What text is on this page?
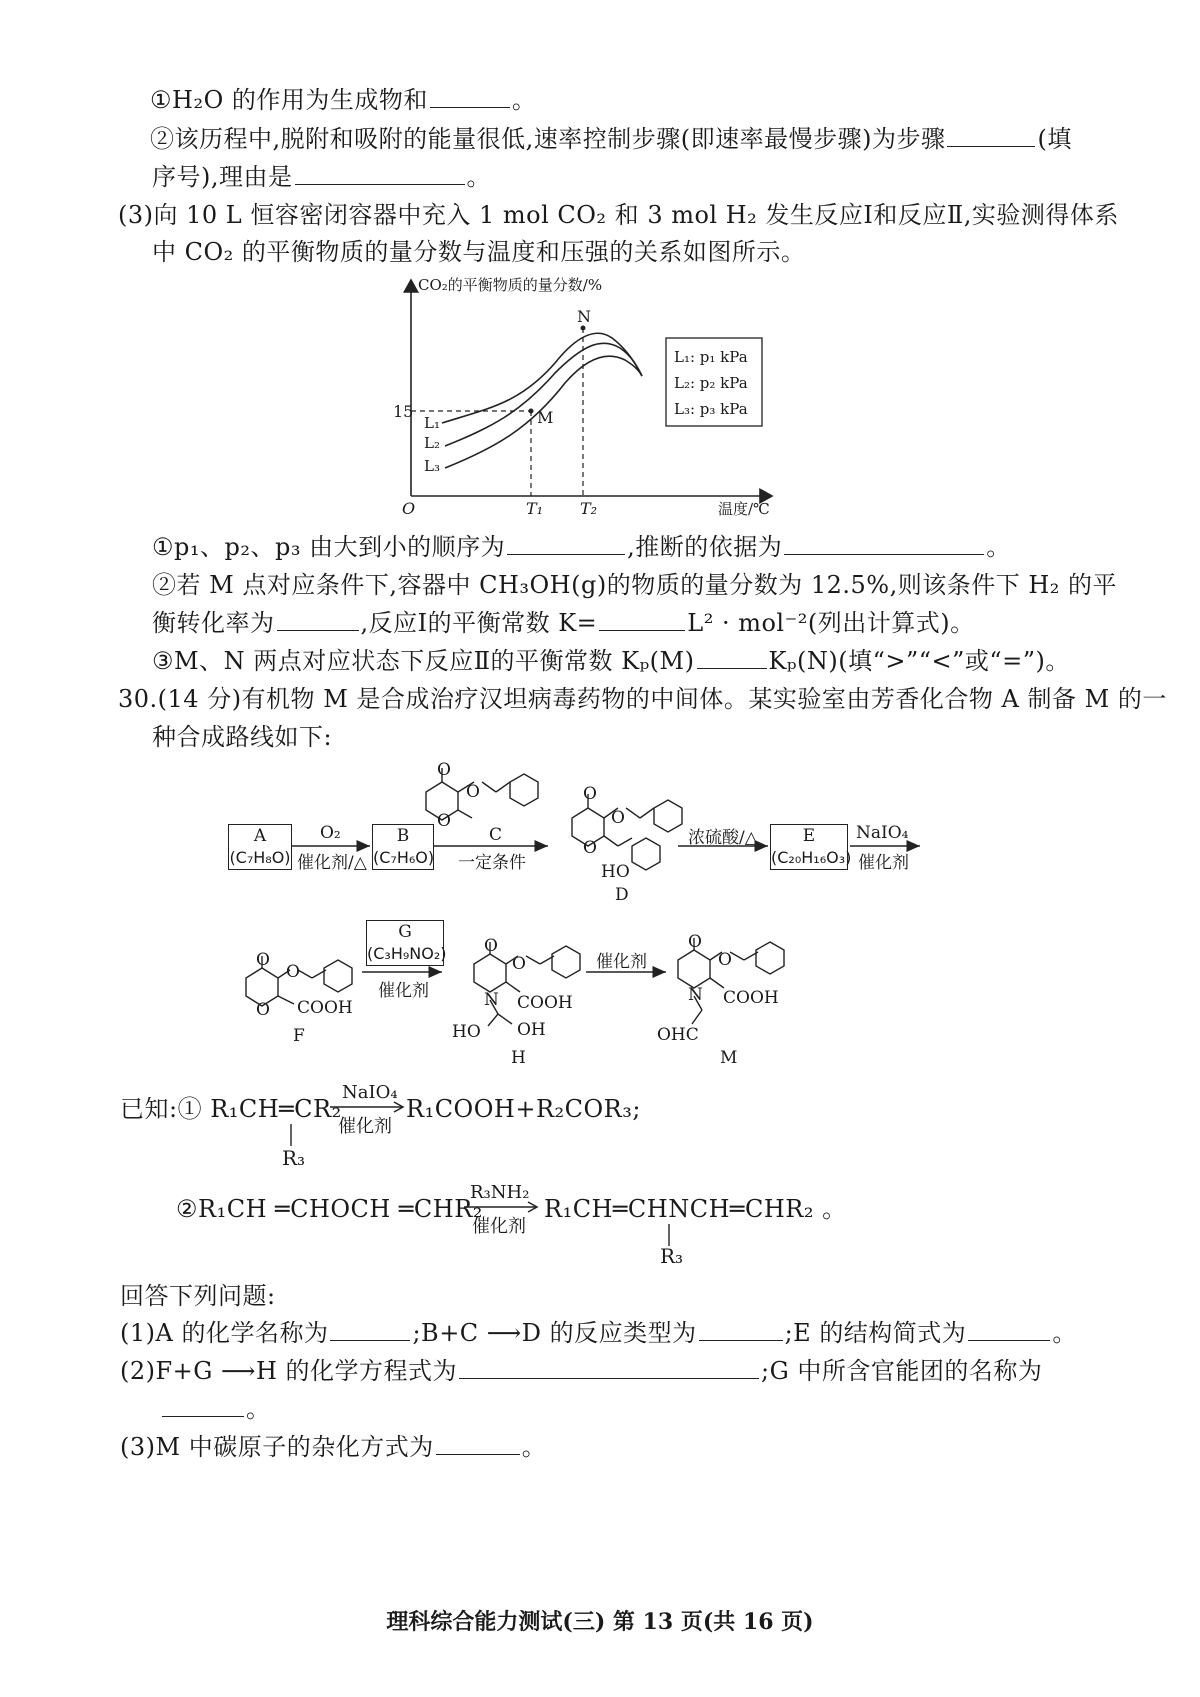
①H₂O 的作用为生成物和	。
②该历程中,脱附和吸附的能量很低,速率控制步骤(即速率最慢步骤)为步骤	(填
序号),理由是	。
(3)向 10 L 恒容密闭容器中充入 1 mol CO₂ 和 3 mol H₂ 发生反应Ⅰ和反应Ⅱ,实验测得体系
中 CO₂ 的平衡物质的量分数与温度和压强的关系如图所示。
CO₂的平衡物质的量分数/%
温度/℃
O
15
T₁ T₂
M
N
L₁
L₂
L₃
L₁: p₁ kPa
L₂: p₂ kPa
L₃: p₃ kPa
①p₁、p₂、p₃ 由大到小的顺序为	,推断的依据为	。
②若 M 点对应条件下,容器中 CH₃OH(g)的物质的量分数为 12.5%,则该条件下 H₂ 的平
衡转化率为	,反应Ⅰ的平衡常数 K=	L² · mol⁻²(列出计算式)。
③M、N 两点对应状态下反应Ⅱ的平衡常数 Kₚ(M)	Kₚ(N)(填“>”“<”或“=”)。
30.(14 分)有机物 M 是合成治疗汉坦病毒药物的中间体。某实验室由芳香化合物 A 制备 M 的一
种合成路线如下:
A
(C₇H₈O)
O₂
催化剂/△
B
(C₇H₆O)
C
一定条件	HO
D
浓硫酸/△	E
(C₂₀H₁₆O₃)
NaIO₄
催化剂
O
O
O
O
O
O
G
(C₃H₉NO₂)
催化剂
催化剂
COOH
F
COOH
HO OH
H
COOH
OHC
M
O
O
O
O
O
N
O
O
N
已知:① R₁CH═CR₂
NaIO₄
催化剂
R₁COOH+R₂COR₃;
R₃
②R₁CH ═CHOCH ═CHR₂
R₃NH₂
催化剂
R₁CH═CHNCH═CHR₂ 。
R₃
回答下列问题:
(1)A 的化学名称为	;B+C ⟶D 的反应类型为	;E 的结构简式为	。
(2)F+G ⟶H 的化学方程式为	;G 中所含官能团的名称为
。
(3)M 中碳原子的杂化方式为	。
理科综合能力测试(三) 第 13 页(共 16 页)
